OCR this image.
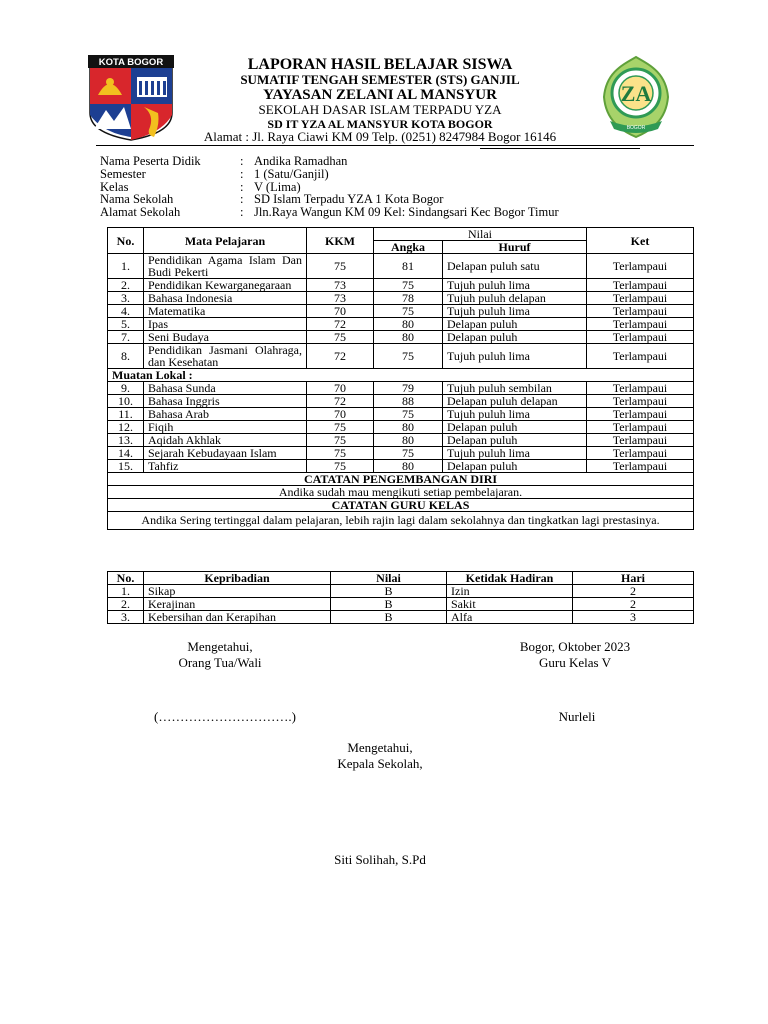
KOTA BOGOR
ZA
BOGOR
LAPORAN HASIL BELAJAR SISWA
SUMATIF TENGAH SEMESTER (STS) GANJIL
YAYASAN ZELANI AL MANSYUR
SEKOLAH DASAR ISLAM TERPADU YZA
SD IT YZA AL MANSYUR KOTA BOGOR
Alamat : Jl. Raya Ciawi KM 09 Telp. (0251) 8247984 Bogor 16146
Nama Peserta Didik	: Andika Ramadhan
Semester	: 1 (Satu/Ganjil)
Kelas	: V (Lima)
Nama Sekolah	: SD Islam Terpadu YZA 1 Kota Bogor
Alamat Sekolah	: Jln.Raya Wangun KM 09 Kel: Sindangsari Kec Bogor Timur
No.	Mata Pelajaran	KKM	Nilai		Ket
			Angka	Huruf	
1.	Pendidikan Agama Islam Dan Budi Pekerti	75	81	Delapan puluh satu	Terlampaui
2.	Pendidikan Kewarganegaraan	73	75	Tujuh puluh lima	Terlampaui
3.	Bahasa Indonesia	73	78	Tujuh puluh delapan	Terlampaui
4.	Matematika	70	75	Tujuh puluh lima	Terlampaui
5.	Ipas	72	80	Delapan puluh	Terlampaui
7.	Seni Budaya	75	80	Delapan puluh	Terlampaui
8.	Pendidikan Jasmani Olahraga, dan Kesehatan	72	75	Tujuh puluh lima	Terlampaui
Muatan Lokal :					
9.	Bahasa Sunda	70	79	Tujuh puluh sembilan	Terlampaui
10.	Bahasa Inggris	72	88	Delapan puluh delapan	Terlampaui
11.	Bahasa Arab	70	75	Tujuh puluh lima	Terlampaui
12.	Fiqih	75	80	Delapan puluh	Terlampaui
13.	Aqidah Akhlak	75	80	Delapan puluh	Terlampaui
14.	Sejarah Kebudayaan Islam	75	75	Tujuh puluh lima	Terlampaui
15.	Tahfiz	75	80	Delapan puluh	Terlampaui
CATATAN PENGEMBANGAN DIRI					
Andika sudah mau mengikuti setiap pembelajaran.					
CATATAN GURU KELAS					
Andika Sering tertinggal dalam pelajaran, lebih rajin lagi dalam sekolahnya dan tingkatkan lagi prestasinya.					
No.	Kepribadian	Nilai	Ketidak Hadiran	Hari
1.	Sikap	B	Izin	2
2.	Kerajinan	B	Sakit	2
3.	Kebersihan dan Kerapihan	B	Alfa	3
Mengetahui,
Orang Tua/Wali
(………………………….)
Bogor, Oktober 2023
Guru Kelas V
Nurleli
Mengetahui,
Kepala Sekolah,
Siti Solihah, S.Pd
